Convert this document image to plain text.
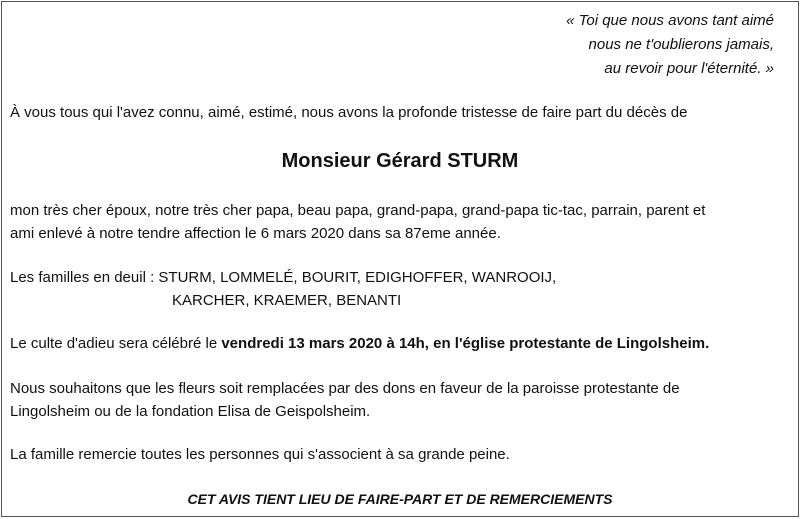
« Toi que nous avons tant aimé

nous ne t'oublierons jamais,

au revoir pour l'éternité. »

À vous tous qui l'avez connu, aimé, estimé, nous avons la profonde tristesse de faire part du décès de

Monsieur Gérard STURM

mon très cher époux, notre très cher papa, beau papa, grand-papa, grand-papa tic-tac, parrain, parent et

ami enlevé à notre tendre affection le 6 mars 2020 dans sa 87eme année.

Les familles en deuil : STURM, LOMMELÉ, BOURIT, EDIGHOFFER, WANROOIJ,

KARCHER, KRAEMER, BENANTI

Le culte d'adieu sera célébré le vendredi 13 mars 2020 à 14h, en l'église protestante de Lingolsheim.

Nous souhaitons que les fleurs soit remplacées par des dons en faveur de la paroisse protestante de

Lingolsheim ou de la fondation Elisa de Geispolsheim.

La famille remercie toutes les personnes qui s'associent à sa grande peine.

CET AVIS TIENT LIEU DE FAIRE-PART ET DE REMERCIEMENTS
